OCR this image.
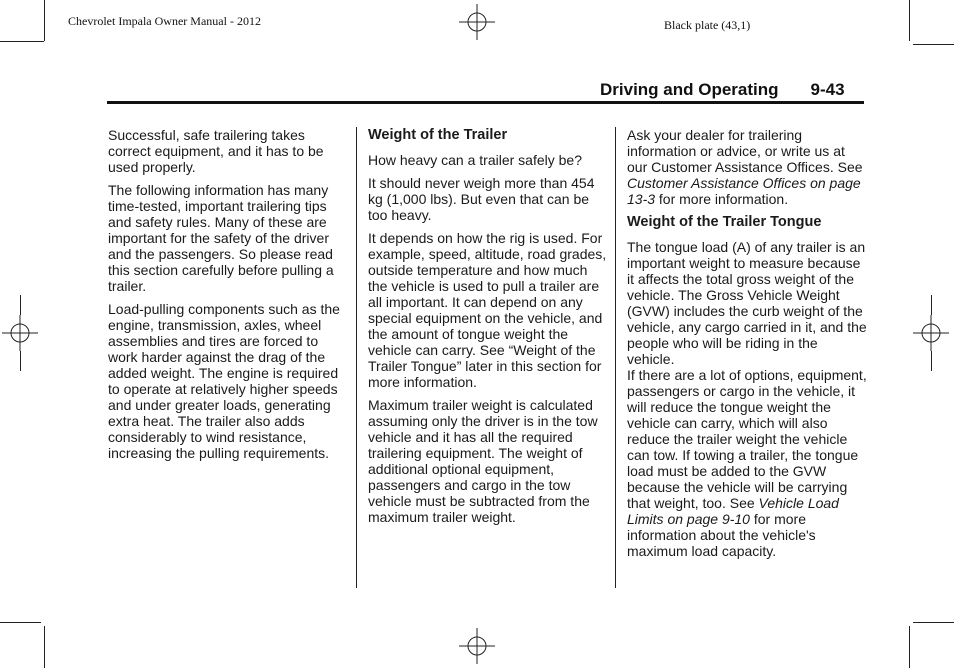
Chevrolet Impala Owner Manual - 2012	Black plate (43,1)
Driving and Operating 9-43

Successful, safe trailering takes correct equipment, and it has to be used properly.

The following information has many time-tested, important trailering tips and safety rules. Many of these are important for the safety of the driver and the passengers. So please read this section carefully before pulling a trailer.

Load-pulling components such as the engine, transmission, axles, wheel assemblies and tires are forced to work harder against the drag of the added weight. The engine is required to operate at relatively higher speeds and under greater loads, generating extra heat. The trailer also adds considerably to wind resistance, increasing the pulling requirements.

Weight of the Trailer

How heavy can a trailer safely be?

It should never weigh more than 454 kg (1,000 lbs). But even that can be too heavy.

It depends on how the rig is used. For example, speed, altitude, road grades, outside temperature and how much the vehicle is used to pull a trailer are all important. It can depend on any special equipment on the vehicle, and the amount of tongue weight the vehicle can carry. See “Weight of the Trailer Tongue” later in this section for more information.

Maximum trailer weight is calculated assuming only the driver is in the tow vehicle and it has all the required trailering equipment. The weight of additional optional equipment, passengers and cargo in the tow vehicle must be subtracted from the maximum trailer weight.

Ask your dealer for trailering information or advice, or write us at our Customer Assistance Offices. See Customer Assistance Offices on page 13‑3 for more information.

Weight of the Trailer Tongue

The tongue load (A) of any trailer is an important weight to measure because it affects the total gross weight of the vehicle. The Gross Vehicle Weight (GVW) includes the curb weight of the vehicle, any cargo carried in it, and the people who will be riding in the vehicle.

If there are a lot of options, equipment, passengers or cargo in the vehicle, it will reduce the tongue weight the vehicle can carry, which will also reduce the trailer weight the vehicle can tow. If towing a trailer, the tongue load must be added to the GVW because the vehicle will be carrying that weight, too. See Vehicle Load Limits on page 9‑10 for more information about the vehicle's maximum load capacity.
